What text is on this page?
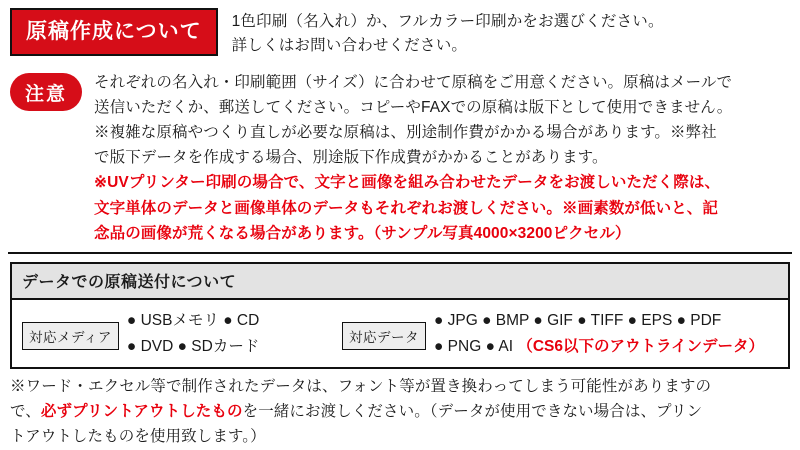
原稿作成について	1色印刷（名入れ）か、フルカラー印刷かをお選びください。
詳しくはお問い合わせください。
注意
それぞれの名入れ・印刷範囲（サイズ）に合わせて原稿をご用意ください。原稿はメールで
送信いただくか、郵送してください。コピーやFAXでの原稿は版下として使用できません。
※複雑な原稿やつくり直しが必要な原稿は、別途制作費がかかる場合があります。※弊社
で版下データを作成する場合、別途版下作成費がかかることがあります。
※UVプリンター印刷の場合で、文字と画像を組み合わせたデータをお渡しいただく際は、
文字単体のデータと画像単体のデータもそれぞれお渡しください。※画素数が低いと、記
念品の画像が荒くなる場合があります。（サンプル写真4000×3200ピクセル）
データでの原稿送付について
対応メディア
● USBメモリ ● CD
● DVD ● SDカード
対応データ
● JPG ● BMP ● GIF ● TIFF ● EPS ● PDF
● PNG ● AI （CS6以下のアウトラインデータ）
※ワード・エクセル等で制作されたデータは、フォント等が置き換わってしまう可能性がありますの
で、必ずプリントアウトしたものを一緒にお渡しください。（データが使用できない場合は、プリン
トアウトしたものを使用致します。）
